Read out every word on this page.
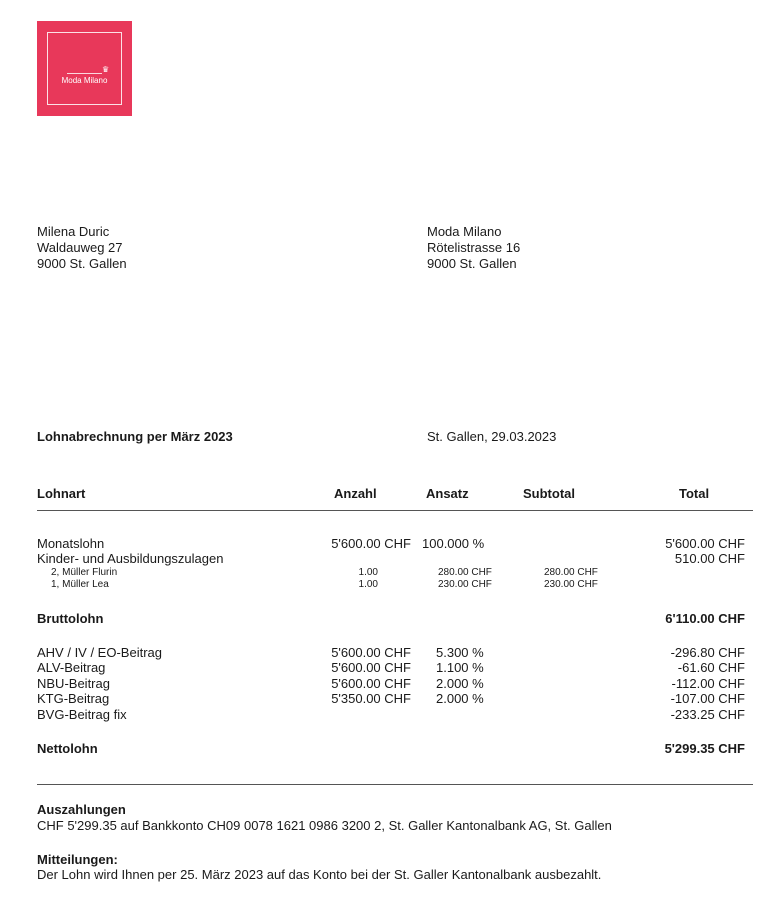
♛
Moda Milano
Milena Duric
Waldauweg 27
9000 St. Gallen
Moda Milano
Rötelistrasse 16
9000 St. Gallen
Lohnabrechnung per März 2023	St. Gallen, 29.03.2023
Lohnart	Anzahl	Ansatz	Subtotal	Total
Monatslohn	5'600.00 CHF 100.000 %	5'600.00 CHF
Kinder- und Ausbildungszulagen	510.00 CHF
2, Müller Flurin	1.00	280.00 CHF	280.00 CHF
1, Müller Lea	1.00	230.00 CHF	230.00 CHF
Bruttolohn	6'110.00 CHF
AHV / IV / EO-Beitrag	5'600.00 CHF 5.300 %	-296.80 CHF
ALV-Beitrag	5'600.00 CHF 1.100 %	-61.60 CHF
NBU-Beitrag	5'600.00 CHF 2.000 %	-112.00 CHF
KTG-Beitrag	5'350.00 CHF 2.000 %	-107.00 CHF
BVG-Beitrag fix	-233.25 CHF
Nettolohn	5'299.35 CHF
Auszahlungen
CHF 5'299.35 auf Bankkonto CH09 0078 1621 0986 3200 2, St. Galler Kantonalbank AG, St. Gallen
Mitteilungen:
Der Lohn wird Ihnen per 25. März 2023 auf das Konto bei der St. Galler Kantonalbank ausbezahlt.
